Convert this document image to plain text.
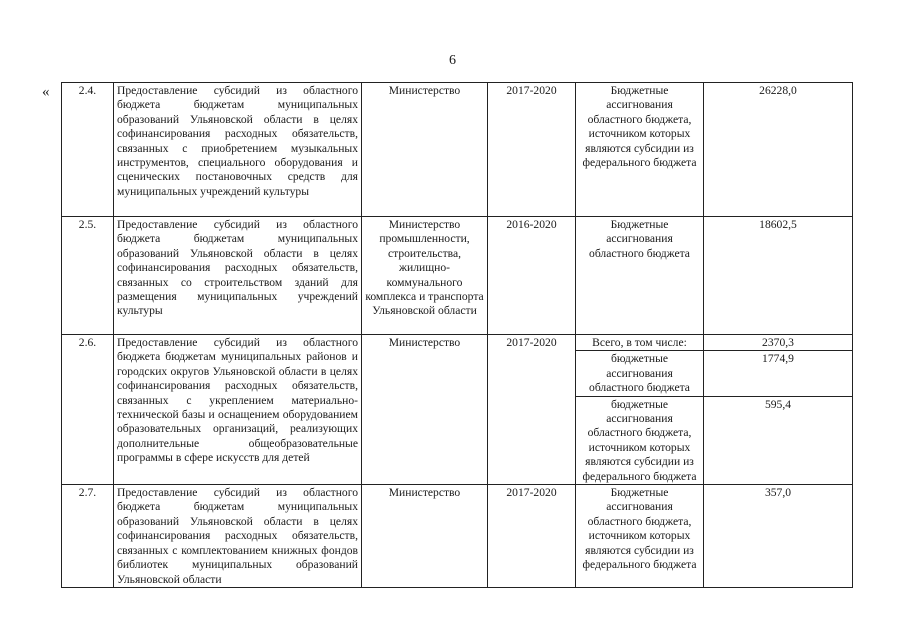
6
«	2.4.	Предоставление субсидий из областного бюджета бюджетам муниципальных образований Ульяновской области в целях софинансирования расходных обязательств, связанных с приобретением музыкальных инструментов, специального оборудования и сценических постановочных средств для муниципальных учреждений культуры	Министерство	2017-2020	Бюджетные ассигнования областного бюджета, источником которых являются субсидии из федерального бюджета	26228,0
2.5.	Предоставление субсидий из областного бюджета бюджетам муниципальных образований Ульяновской области в целях софинансирования расходных обязательств, связанных со строительством зданий для размещения муниципальных учреждений культуры	Министерство промышленности, строительства, жилищно-коммунального комплекса и транспорта Ульяновской области	2016-2020	Бюджетные ассигнования областного бюджета	18602,5
2.6.	Предоставление субсидий из областного бюджета бюджетам муниципальных районов и городских округов Ульяновской области в целях софинансирования расходных обязательств, связанных с укреплением материально-технической базы и оснащением оборудованием образовательных организаций, реализующих дополнительные общеобразовательные программы в сфере искусств для детей	Министерство	2017-2020	Всего, в том числе:	2370,3
				бюджетные ассигнования областного бюджета	1774,9
				бюджетные ассигнования областного бюджета, источником которых являются субсидии из федерального бюджета	595,4
2.7.	Предоставление субсидий из областного бюджета бюджетам муниципальных образований Ульяновской области в целях софинансирования расходных обязательств, связанных с комплектованием книжных фондов библиотек муниципальных образований Ульяновской области	Министерство	2017-2020	Бюджетные ассигнования областного бюджета, источником которых являются субсидии из федерального бюджета	357,0
